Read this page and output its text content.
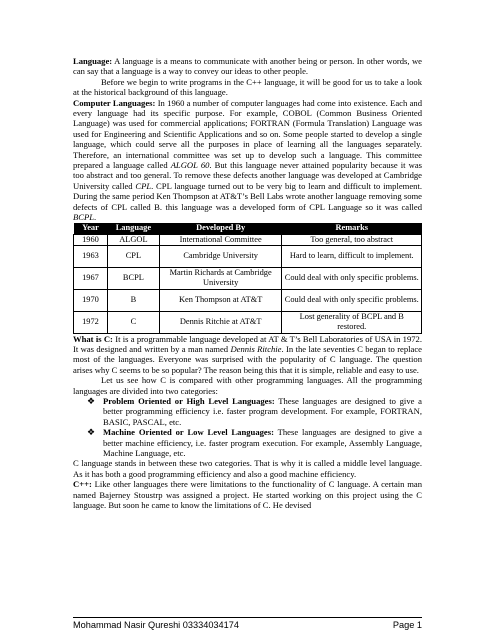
Language: A language is a means to communicate with another being or person. In other words, we can say that a language is a way to convey our ideas to other people.

Before we begin to write programs in the C++ language, it will be good for us to take a look at the historical background of this language.

Computer Languages: In 1960 a number of computer languages had come into existence. Each and every language had its specific purpose. For example, COBOL (Common Business Oriented Language) was used for commercial applications; FORTRAN (Formula Translation) Language was used for Engineering and Scientific Applications and so on. Some people started to develop a single language, which could serve all the purposes in place of learning all the languages separately. Therefore, an international committee was set up to develop such a language. This committee prepared a language called ALGOL 60. But this language never attained popularity because it was too abstract and too general. To remove these defects another language was developed at Cambridge University called CPL. CPL language turned out to be very big to learn and difficult to implement. During the same period Ken Thompson at AT&T’s Bell Labs wrote another language removing some defects of CPL called B. this language was a developed form of CPL Language so it was called BCPL.

Year	Language	Developed By	Remarks
1960	ALGOL	International Committee	Too general, too abstract
1963	CPL	Cambridge University	Hard to learn, difficult to implement.
1967	BCPL	Martin Richards at Cambridge University	Could deal with only specific problems.
1970	B	Ken Thompson at AT&T	Could deal with only specific problems.
1972	C	Dennis Ritchie at AT&T	Lost generality of BCPL and B restored.

What is C: It is a programmable language developed at AT & T’s Bell Laboratories of USA in 1972. It was designed and written by a man named Dennis Ritchie. In the late seventies C began to replace most of the languages. Everyone was surprised with the popularity of C language. The question arises why C seems to be so popular? The reason being this that it is simple, reliable and easy to use.

Let us see how C is compared with other programming languages. All the programming languages are divided into two categories:

❖ Problem Oriented or High Level Languages: These languages are designed to give a better programming efficiency i.e. faster program development. For example, FORTRAN, BASIC, PASCAL, etc.
❖ Machine Oriented or Low Level Languages: These languages are designed to give a better machine efficiency, i.e. faster program execution. For example, Assembly Language, Machine Language, etc.

C language stands in between these two categories. That is why it is called a middle level language. As it has both a good programming efficiency and also a good machine efficiency.

C++: Like other languages there were limitations to the functionality of C language. A certain man named Bajerney Stoustrp was assigned a project. He started working on this project using the C language. But soon he came to know the limitations of C. He devised

Mohammad Nasir Qureshi 03334034174	Page 1
